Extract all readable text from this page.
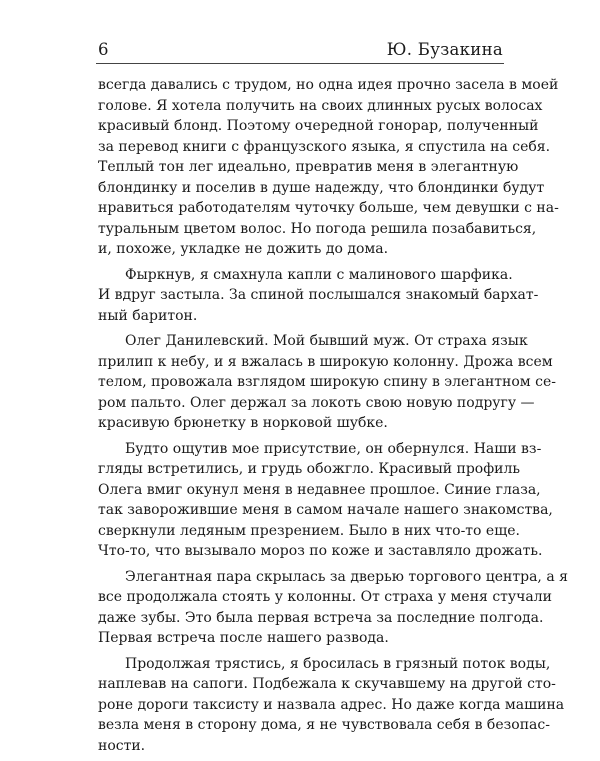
6	Ю. Бузакина
всегда давались с трудом, но одна идея прочно засела в моей
голове. Я хотела получить на своих длинных русых волосах
красивый блонд. Поэтому очередной гонорар, полученный
за перевод книги с французского языка, я спустила на себя.
Теплый тон лег идеально, превратив меня в элегантную
блондинку и поселив в душе надежду, что блондинки будут
нравиться работодателям чуточку больше, чем девушки с на-
туральным цветом волос. Но погода решила позабавиться,
и, похоже, укладке не дожить до дома.
Фыркнув, я смахнула капли с малинового шарфика.
И вдруг застыла. За спиной послышался знакомый бархат-
ный баритон.
Олег Данилевский. Мой бывший муж. От страха язык
прилип к небу, и я вжалась в широкую колонну. Дрожа всем
телом, провожала взглядом широкую спину в элегантном се-
ром пальто. Олег держал за локоть свою новую подругу —
красивую брюнетку в норковой шубке.
Будто ощутив мое присутствие, он обернулся. Наши вз-
гляды встретились, и грудь обожгло. Красивый профиль
Олега вмиг окунул меня в недавнее прошлое. Синие глаза,
так заворожившие меня в самом начале нашего знакомства,
сверкнули ледяным презрением. Было в них что-то еще.
Что-то, что вызывало мороз по коже и заставляло дрожать.
Элегантная пара скрылась за дверью торгового центра, а я
все продолжала стоять у колонны. От страха у меня стучали
даже зубы. Это была первая встреча за последние полгода.
Первая встреча после нашего развода.
Продолжая трястись, я бросилась в грязный поток воды,
наплевав на сапоги. Подбежала к скучавшему на другой сто-
роне дороги таксисту и назвала адрес. Но даже когда машина
везла меня в сторону дома, я не чувствовала себя в безопас-
ности.
